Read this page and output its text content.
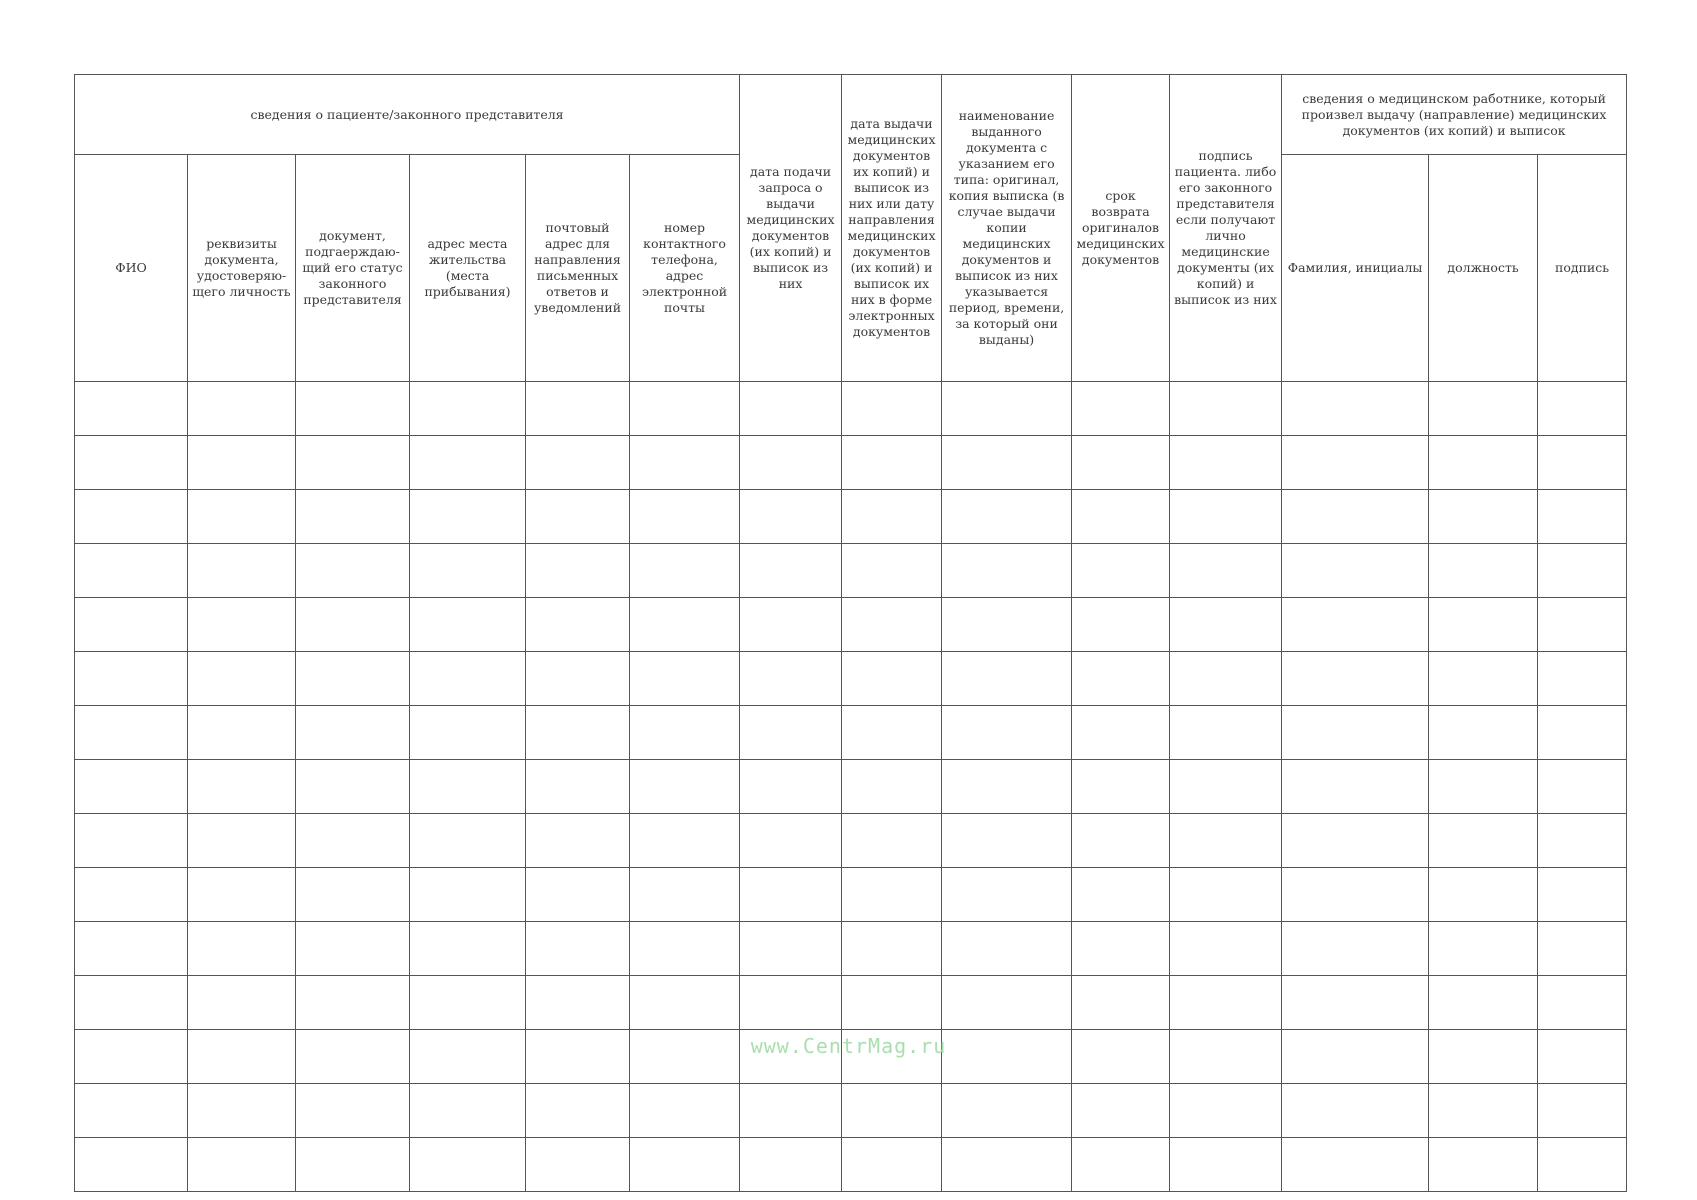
сведения о пациенте/законного представителя						дата подачи запроса о выдачи медицинских документов (их копий) и выписок из них	дата выдачи медицинских документов их копий) и выписок из них или дату направления медицинских документов (их копий) и выписок их них в форме электронных документов	наименование выданного документа с указанием его типа: оригинал, копия выписка (в случае выдачи копии медицинских документов и выписок из них указывается период, времени, за который они выданы)	срок возврата оригиналов медицинских документов	подпись пациента. либо его законного представителя если получают лично медицинские документы (их копий) и выписок из них	сведения о медицинском работнике, который произвел выдачу (направление) медицинских документов (их копий) и выписок		
ФИО	реквизиты документа, удостоверяю-щего личность	документ, подгаерждаю-щий его статус законного представителя	адрес места жительства (места прибывания)	почтовый адрес для направления письменных ответов и уведомлений	номер контактного телефона, адрес электронной почты						Фамилия, инициалы	должность	подпись

www.CentrMag.ru
